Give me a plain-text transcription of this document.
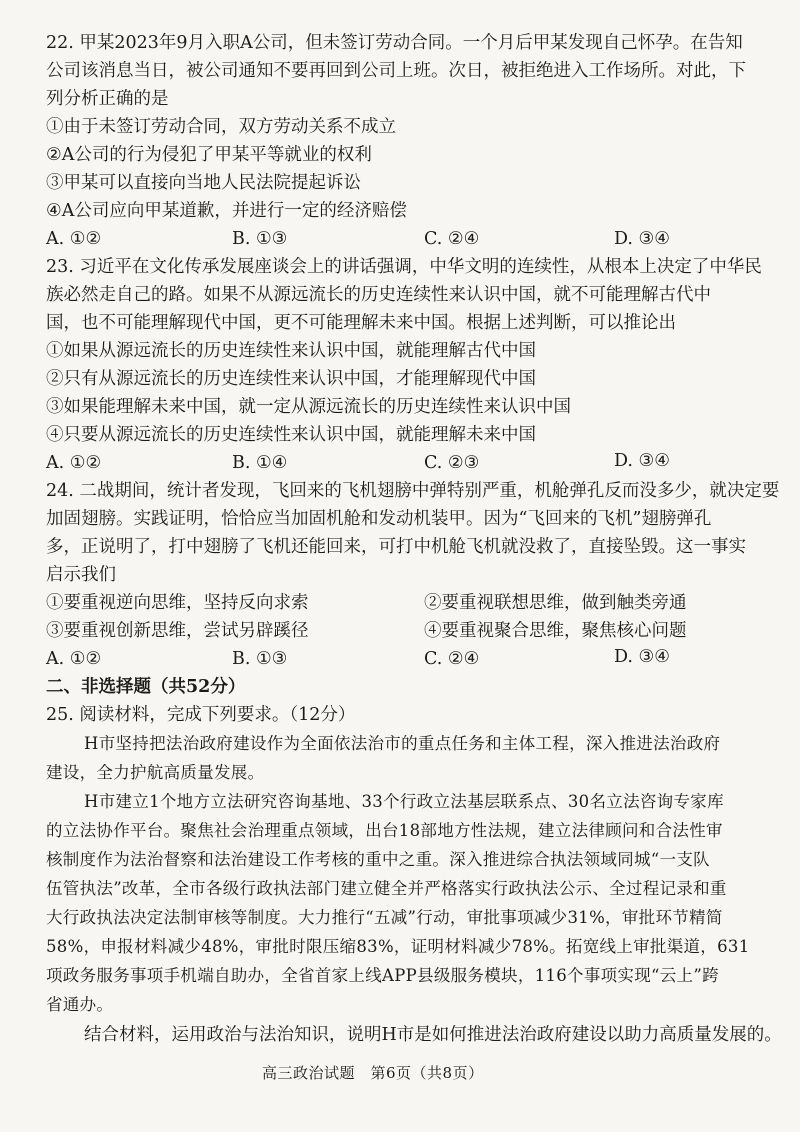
22. 甲某2023年9月入职A公司，但未签订劳动合同。一个月后甲某发现自己怀孕。在告知
公司该消息当日，被公司通知不要再回到公司上班。次日，被拒绝进入工作场所。对此，下
列分析正确的是
①由于未签订劳动合同，双方劳动关系不成立
②A公司的行为侵犯了甲某平等就业的权利
③甲某可以直接向当地人民法院提起诉讼
④A公司应向甲某道歉，并进行一定的经济赔偿
A. ①②	B. ①③	C. ②④	D. ③④
23. 习近平在文化传承发展座谈会上的讲话强调，中华文明的连续性，从根本上决定了中华民
族必然走自己的路。如果不从源远流长的历史连续性来认识中国，就不可能理解古代中
国，也不可能理解现代中国，更不可能理解未来中国。根据上述判断，可以推论出
①如果从源远流长的历史连续性来认识中国，就能理解古代中国
②只有从源远流长的历史连续性来认识中国，才能理解现代中国
③如果能理解未来中国，就一定从源远流长的历史连续性来认识中国
④只要从源远流长的历史连续性来认识中国，就能理解未来中国
A. ①②	B. ①④	C. ②③	D. ③④
24. 二战期间，统计者发现，飞回来的飞机翅膀中弹特别严重，机舱弹孔反而没多少，就决定要
加固翅膀。实践证明，恰恰应当加固机舱和发动机装甲。因为“飞回来的飞机”翅膀弹孔
多，正说明了，打中翅膀了飞机还能回来，可打中机舱飞机就没救了，直接坠毁。这一事实
启示我们
①要重视逆向思维，坚持反向求索	②要重视联想思维，做到触类旁通
③要重视创新思维，尝试另辟蹊径	④要重视聚合思维，聚焦核心问题
A. ①②	B. ①③	C. ②④	D. ③④
二、非选择题（共52分）
25. 阅读材料，完成下列要求。（12分）
H市坚持把法治政府建设作为全面依法治市的重点任务和主体工程，深入推进法治政府
建设，全力护航高质量发展。
H市建立1个地方立法研究咨询基地、33个行政立法基层联系点、30名立法咨询专家库
的立法协作平台。聚焦社会治理重点领域，出台18部地方性法规，建立法律顾问和合法性审
核制度作为法治督察和法治建设工作考核的重中之重。深入推进综合执法领域同城“一支队
伍管执法”改革，全市各级行政执法部门建立健全并严格落实行政执法公示、全过程记录和重
大行政执法决定法制审核等制度。大力推行“五减”行动，审批事项减少31%，审批环节精简
58%，申报材料减少48%，审批时限压缩83%，证明材料减少78%。拓宽线上审批渠道，631
项政务服务事项手机端自助办，全省首家上线APP县级服务模块，116个事项实现“云上”跨
省通办。
结合材料，运用政治与法治知识，说明H市是如何推进法治政府建设以助力高质量发展的。
高三政治试题　第6页（共8页）
